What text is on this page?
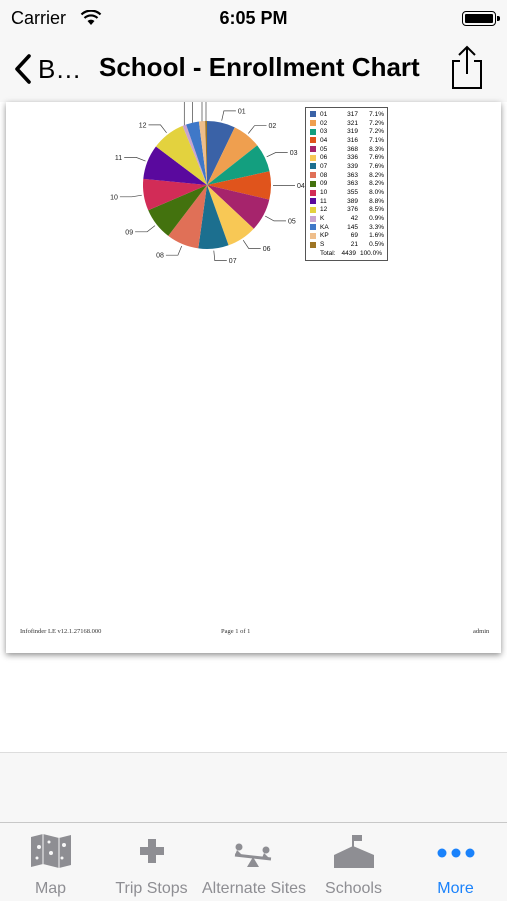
Carrier	6:05 PM
B… School - Enrollment Chart
01
02
03
04
05
06
07
08
09
10
11
12
01	317	7.1%
02	321	7.2%
03	319	7.2%
04	316	7.1%
05	368	8.3%
06	336	7.6%
07	339	7.6%
08	363	8.2%
09	363	8.2%
10	355	8.0%
11	389	8.8%
12	376	8.5%
K	42	0.9%
KA	145	3.3%
KP	69	1.6%
S	21	0.5%
Total: 4439 100.0%
Infofinder LE v12.1.27168.000	Page 1 of 1	admin
Map	Trip Stops Alternate Sites	Schools	More
